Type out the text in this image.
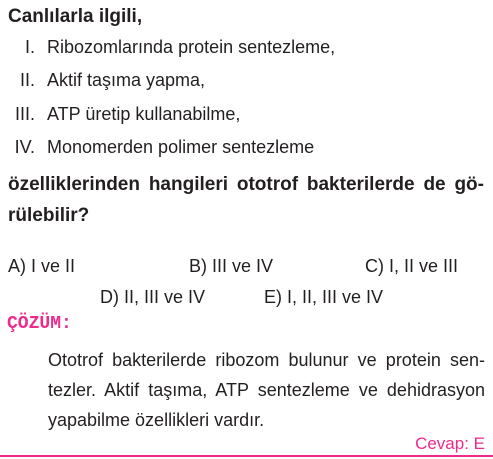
Canlılarla ilgili,
I. Ribozomlarında protein sentezleme,
II. Aktif taşıma yapma,
III. ATP üretip kullanabilme,
IV. Monomerden polimer sentezleme
özelliklerinden hangileri ototrof bakterilerde de gö-
rülebilir?
A) I ve II	B) III ve IV	C) I, II ve III
D) II, III ve IV	E) I, II, III ve IV
ÇÖZÜM:
Ototrof bakterilerde ribozom bulunur ve protein sen-
tezler. Aktif taşıma, ATP sentezleme ve dehidrasyon
yapabilme özellikleri vardır.
Cevap: E
